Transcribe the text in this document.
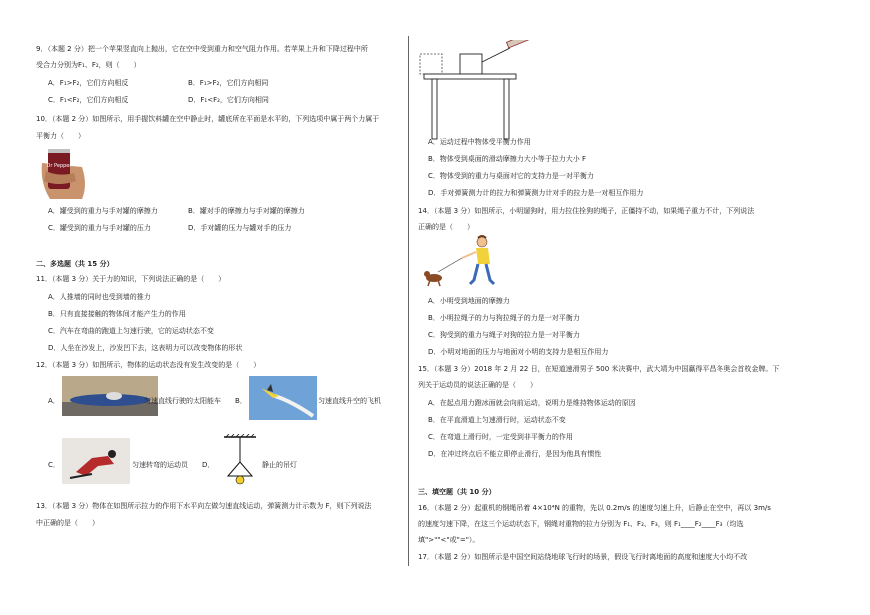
9．（本题 2 分）把一个苹果竖直向上抛出，它在空中受到重力和空气阻力作用。若苹果上升和下降过程中所
受合力分别为F₁、F₂，则（　　）
A．F₁>F₂，它们方向相反	B．F₁>F₂，它们方向相同
C．F₁<F₂，它们方向相反	D．F₁<F₂，它们方向相同
10．（本题 2 分）如图所示，用手握饮料罐在空中静止时，罐底所在平面是水平的，下列选项中属于两个力属于
平衡力（　　）
Dr Pepper
A．罐受到的重力与手对罐的摩擦力	B．罐对手的摩擦力与手对罐的摩擦力
C．罐受到的重力与手对罐的压力	D．手对罐的压力与罐对手的压力
二、多选题（共 15 分）
11．（本题 3 分）关于力的知识，下列说法正确的是（　　）
A．人推墙的同时也受到墙的推力
B．只有直接接触的物体间才能产生力的作用
C．汽车在弯曲的跑道上匀速行驶，它的运动状态不变
D．人坐在沙发上，沙发凹下去，这表明力可以改变物体的形状
12．（本题 3 分）如图所示，物体的运动状态没有发生改变的是（　　）
A．	匀速直线行驶的太阳能车 B．	匀速直线升空的飞机
C．	匀速转弯的运动员 D．	静止的吊灯
13．（本题 3 分）物体在如图所示拉力的作用下水平向左做匀速直线运动，弹簧测力计示数为 F，则下列说法
中正确的是（　　）
A．运动过程中物体受平衡力作用
B．物体受到桌面的滑动摩擦力大小等于拉力大小 F
C．物体受到的重力与桌面对它的支持力是一对平衡力
D．手对弹簧测力计的拉力和弹簧测力计对手的拉力是一对相互作用力
14．（本题 3 分）如图所示，小明遛狗时，用力拉住拴狗的绳子，正僵持不动，如果绳子重力不计，下列说法
正确的是（　　）
A．小明受到地面的摩擦力
B．小明拉绳子的力与狗拉绳子的力是一对平衡力
C．狗受到的重力与绳子对狗的拉力是一对平衡力
D．小明对地面的压力与地面对小明的支持力是相互作用力
15．（本题 3 分）2018 年 2 月 22 日，在短道速滑男子 500 米决赛中，武大靖为中国赢得平昌冬奥会首枚金牌。下
列关于运动员的说法正确的是（　　）
A．在起点用力蹬冰面就会向前运动，说明力是维持物体运动的原因
B．在平直滑道上匀速滑行时，运动状态不变
C．在弯道上滑行时，一定受到非平衡力的作用
D．在冲过终点后不能立即停止滑行，是因为他具有惯性
三、填空题（共 10 分）
16．（本题 2 分）起重机的钢绳吊着 4×10⁴N 的重物，先以 0.2m/s 的速度匀速上升，后静止在空中，再以 3m/s
的速度匀速下降，在这三个运动状态下，钢绳对重物的拉力分别为 F₁、F₂、F₃，则 F₁____F₂____F₃（均选
填">""<"或"="）。
17．（本题 2 分）如图所示是中国空间站绕地球飞行时的场景，假设飞行时离地面的高度和速度大小均不改
